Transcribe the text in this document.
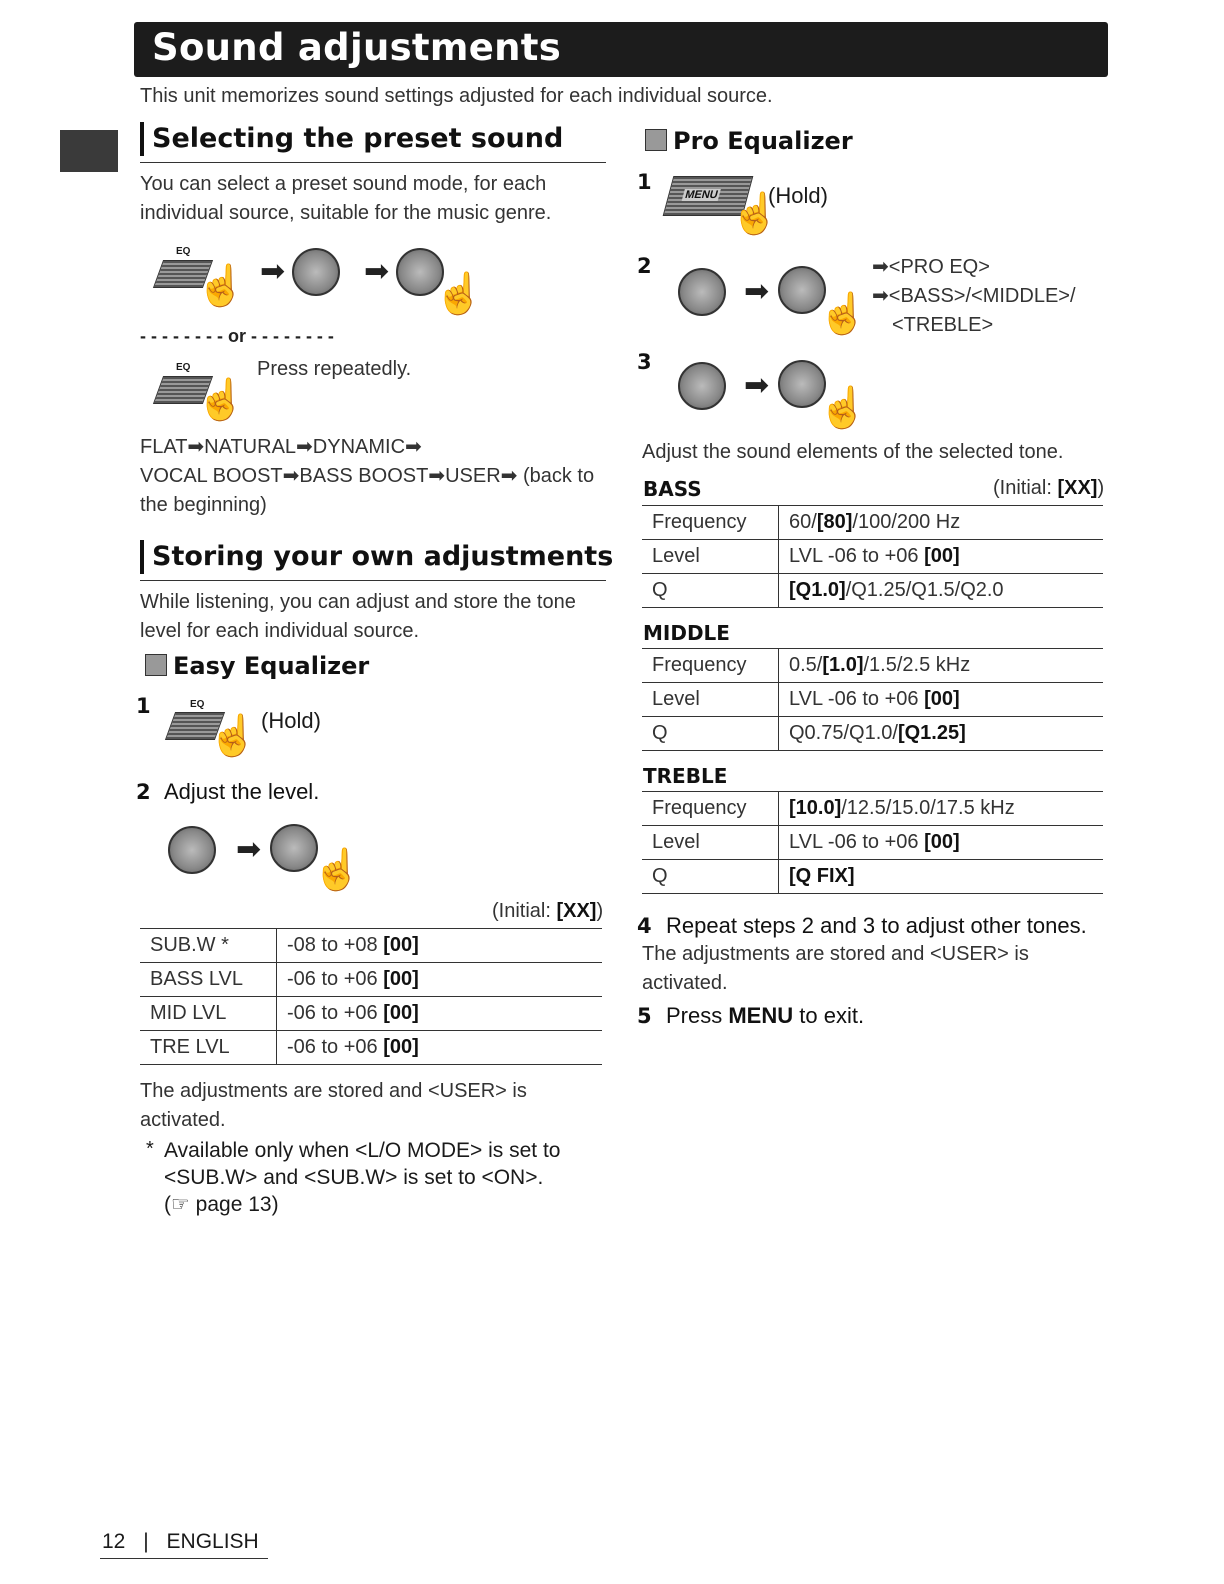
Sound adjustments
This unit memorizes sound settings adjusted for each individual source.
Selecting the preset sound
You can select a preset sound mode, for each
individual source, suitable for the music genre.
EQ
☝ ➡	➡
☝
- - - - - - - - or - - - - - - - -
EQ
☝
Press repeatedly.
FLAT➡NATURAL➡DYNAMIC➡
VOCAL BOOST➡BASS BOOST➡USER➡ (back to
the beginning)
Storing your own adjustments
While listening, you can adjust and store the tone
level for each individual source.
Easy Equalizer
1	EQ
☝ (Hold)
2 Adjust the level.
➡ ☝
(Initial: [XX])
SUB.W *	-08 to +08 [00]
BASS LVL	-06 to +06 [00]
MID LVL	-06 to +06 [00]
TRE LVL	-06 to +06 [00]
The adjustments are stored and <USER> is
activated.
* Available only when <L/O MODE> is set to
<SUB.W> and <SUB.W> is set to <ON>.
(☞ page 13)
Pro Equalizer
1
MENU ☝
(Hold)
2
➡
☝
➡<PRO EQ>
➡<BASS>/<MIDDLE>/
<TREBLE>
3
➡
☝
Adjust the sound elements of the selected tone.
BASS	(Initial: [XX])
Frequency	60/[80]/100/200 Hz
Level	LVL -06 to +06 [00]
Q	[Q1.0]/Q1.25/Q1.5/Q2.0
MIDDLE
Frequency	0.5/[1.0]/1.5/2.5 kHz
Level	LVL -06 to +06 [00]
Q	Q0.75/Q1.0/[Q1.25]
TREBLE
Frequency	[10.0]/12.5/15.0/17.5 kHz
Level	LVL -06 to +06 [00]
Q	[Q FIX]
4 Repeat steps 2 and 3 to adjust other tones.
The adjustments are stored and <USER> is
activated.
5 Press MENU to exit.
12 | ENGLISH
